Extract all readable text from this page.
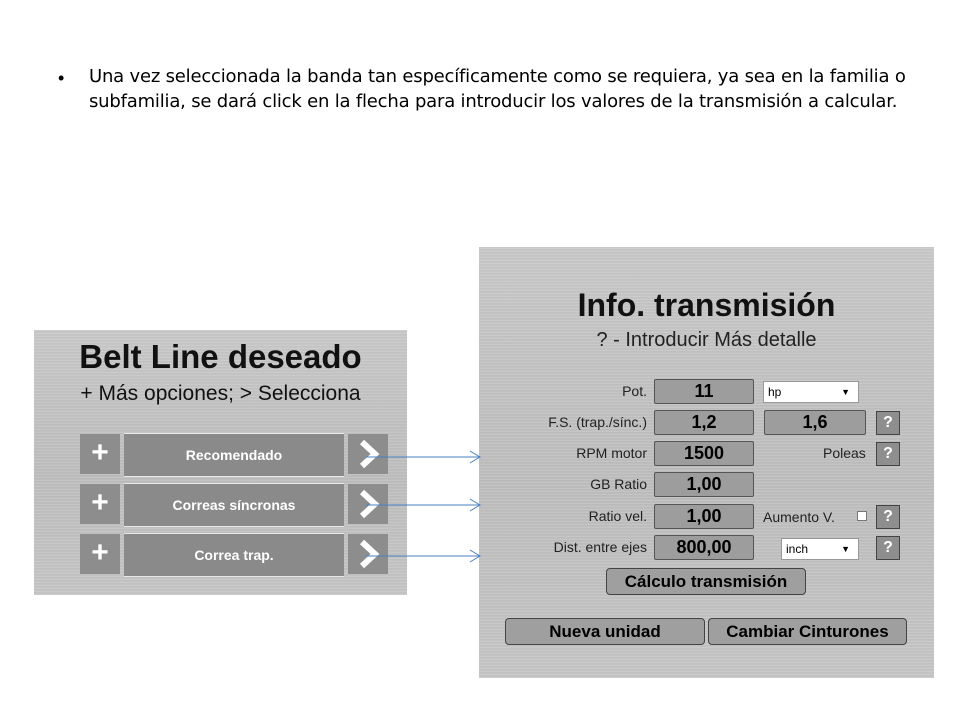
• Una vez seleccionada la banda tan específicamente como se requiera, ya sea en la familia o subfamilia, se dará click en la flecha para introducir los valores de la transmisión a calcular.
Belt Line deseado
+ Más opciones; > Selecciona
+	Recomendado
+	Correas síncronas
+	Correa trap.
Info. transmisión
? - Introducir Más detalle
Pot.	11	hp	▼
F.S. (trap./sínc.)	1,2	1,6	?
RPM motor	1500	Poleas	?
GB Ratio	1,00
Ratio vel.	1,00	Aumento V.	?
Dist. entre ejes	800,00	inch	▼	?
Cálculo transmisión
Nueva unidad	Cambiar Cinturones
